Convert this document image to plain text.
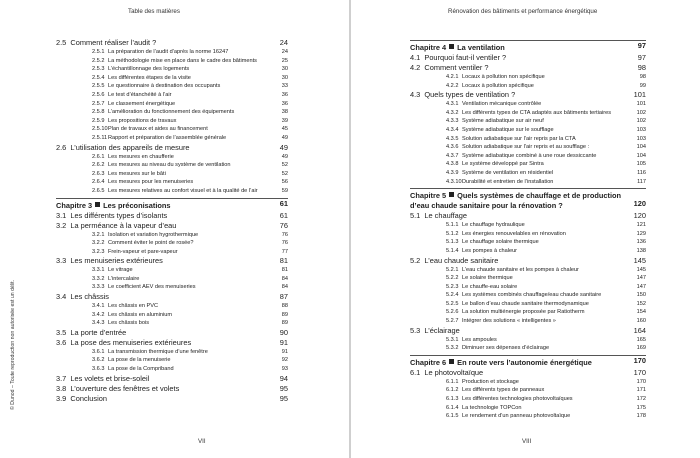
Table des matières
2.5 Comment réaliser l’audit ?	24
2.5.1 La préparation de l’audit d’après la norme 16247	24
2.5.2 La méthodologie mise en place dans le cadre des bâtiments	25
2.5.3 L’échantillonnage des logements	30
2.5.4 Les différentes étapes de la visite	30
2.5.5 Le questionnaire à destination des occupants	33
2.5.6 Le test d’étanchéité à l’air	36
2.5.7 Le classement énergétique	36
2.5.8 L’amélioration du fonctionnement des équipements	38
2.5.9 Les propositions de travaux	39
2.5.10 Plan de travaux et aides au financement	45
2.5.11 Rapport et préparation de l’assemblée générale	49
2.6 L’utilisation des appareils de mesure	49
2.6.1 Les mesures en chaufferie	49
2.6.2 Les mesures au niveau du système de ventilation	52
2.6.3 Les mesures sur le bâti	52
2.6.4 Les mesures pour les menuiseries	56
2.6.5 Les mesures relatives au confort visuel et à la qualité de l’air	59
Chapitre 3 Les préconisations	61
3.1 Les différents types d’isolants	61
3.2 La perméance à la vapeur d’eau	76
3.2.1 Isolation et variation hygrothermique	76
3.2.2 Comment éviter le point de rosée?	76
3.2.3 Frein-vapeur et pare-vapeur	77
3.3 Les menuiseries extérieures	81
3.3.1 Le vitrage	81
3.3.2 L’intercalaire	84
3.3.3 Le coefficient AEV des menuiseries	84
3.4 Les châssis	87
3.4.1 Les châssis en PVC	88
3.4.2 Les châssis en aluminium	89
3.4.3 Les châssis bois	89
3.5 La porte d’entrée	90
3.6 La pose des menuiseries extérieures	91
3.6.1 La transmission thermique d’une fenêtre	91
3.6.2 La pose de la menuiserie	92
3.6.3 La pose de la Compriband	93
3.7 Les volets et brise-soleil	94
3.8 L’ouverture des fenêtres et volets	95
3.9 Conclusion	95
VII
© Dunod – Toute reproduction non autorisée est un délit.
Rénovation des bâtiments et performance énergétique
Chapitre 4 La ventilation	97
4.1 Pourquoi faut-il ventiler ?	97
4.2 Comment ventiler ?	98
4.2.1 Locaux à pollution non spécifique	98
4.2.2 Locaux à pollution spécifique	99
4.3 Quels types de ventilation ?	101
4.3.1 Ventilation mécanique contrôlée	101
4.3.2 Les différents types de CTA adaptés aux bâtiments tertiaires	102
4.3.3 Système adiabatique sur air neuf	102
4.3.4 Système adiabatique sur le soufflage	103
4.3.5 Solution adiabatique sur l’air repris par la CTA	103
4.3.6 Solution adiabatique sur l’air repris et au soufflage :	104
4.3.7 Système adiabatique combiné à une roue dessiccante	104
4.3.8 Le système développé par Sintra	105
4.3.9 Système de ventilation en résidentiel	116
4.3.10 Durabilité et entretien de l’installation	117
Chapitre 5 Quels systèmes de chauffage et de production
d’eau chaude sanitaire pour la rénovation ?	120
5.1 Le chauffage	120
5.1.1 Le chauffage hydraulique	121
5.1.2 Les énergies renouvelables en rénovation	129
5.1.3 Le chauffage solaire thermique	136
5.1.4 Les pompes à chaleur	138
5.2 L’eau chaude sanitaire	145
5.2.1 L’eau chaude sanitaire et les pompes à chaleur	145
5.2.2 Le solaire thermique	147
5.2.3 Le chauffe-eau solaire	147
5.2.4 Les systèmes combinés chauffage/eau chaude sanitaire	150
5.2.5 Le ballon d’eau chaude sanitaire thermodynamique	152
5.2.6 La solution multiénergie proposée par Ratiotherm	154
5.2.7 Intégrer des solutions « intelligentes »	160
5.3 L’éclairage	164
5.3.1 Les ampoules	165
5.3.2 Diminuer ses dépenses d’éclairage	169
Chapitre 6 En route vers l’autonomie énergétique	170
6.1 Le photovoltaïque	170
6.1.1 Production et stockage	170
6.1.2 Les différents types de panneaux	171
6.1.3 Les différentes technologies photovoltaïques	172
6.1.4 La technologie TOPCon	175
6.1.5 Le rendement d’un panneau photovoltaïque	178
VIII
